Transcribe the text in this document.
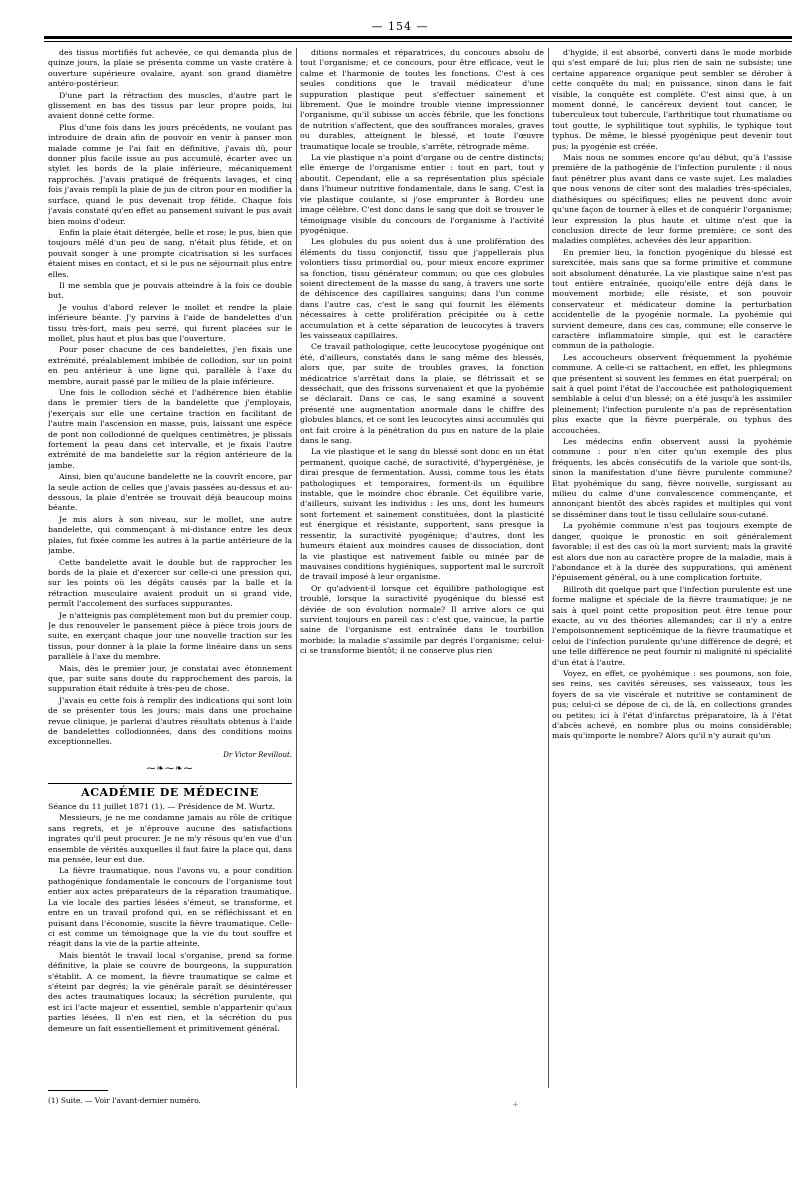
— 154 —

des tissus mortifiés fut achevée, ce qui demanda plus de quinze jours, la plaie se présenta comme un vaste cratère à ouverture supérieure ovalaire, ayant son grand diamètre antéro-postérieur.

D'une part la rétraction des muscles, d'autre part le glissement en bas des tissus par leur propre poids, lui avaient donné cette forme.

Plus d'une fois dans les jours précédents, ne voulant pas introduire de drain afin de pouvoir en venir à panser mon malade comme je l'ai fait en définitive, j'avais dû, pour donner plus facile issue au pus accumulé, écarter avec un stylet les bords de la plaie inférieure, mécaniquement rapprochés. J'avais pratiqué de fréquents lavages, et cinq fois j'avais rempli la plaie de jus de citron pour en modifier la surface, quand le pus devenait trop fétide. Chaque fois j'avais constaté qu'en effet au pansement suivant le pus avait bien moins d'odeur.

Enfin la plaie était détergée, belle et rose; le pus, bien que toujours mêlé d'un peu de sang, n'était plus fétide, et on pouvait songer à une prompte cicatrisation si les surfaces étaient mises en contact, et si le pus ne séjournait plus entre elles.

Il me sembla que je pouvais atteindre à la fois ce double but.

Je voulus d'abord relever le mollet et rendre la plaie inférieure béante. J'y parvins à l'aide de bandelettes d'un tissu très-fort, mais peu serré, qui furent placées sur le mollet, plus haut et plus bas que l'ouverture.

Pour poser chacune de ces bandelettes, j'en fixais une extrémité, préalablement imbibée de collodion, sur un point en peu antérieur à une ligne qui, parallèle à l'axe du membre, aurait passé par le milieu de la plaie inférieure.

Une fois le collodion séché et l'adhérence bien établie dans le premier tiers de la bandelette que j'employais, j'exerçais sur elle une certaine traction en facilitant de l'autre main l'ascension en masse, puis, laissant une espèce de pont non collodionné de quelques centimètres, je plissais fortement la peau dans cet intervalle, et je fixais l'autre extrémité de ma bandelette sur la région antérieure de la jambe.

Ainsi, bien qu'aucune bandelette ne la couvrît encore, par la seule action de celles que j'avais passées au-dessus et au-dessous, la plaie d'entrée se trouvait déjà beaucoup moins béante.

Je mis alors à son niveau, sur le mollet, une autre bandelette, qui commençant à mi-distance entre les deux plaies, fut fixée comme les autres à la partie antérieure de la jambe.

Cette bandelette avait le double but de rapprocher les bords de la plaie et d'exercer sur celle-ci une pression qui, sur les points où les dégâts causés par la balle et la rétraction musculaire avaient produit un si grand vide, permît l'accolement des surfaces suppurantes.

Je n'atteignis pas complétement mon but du premier coup. Je dus renouveler le pansement pièce à pièce trois jours de suite, en exerçant chaque jour une nouvelle traction sur les tissus, pour donner à la plaie la forme linéaire dans un sens parallèle à l'axe du membre.

Mais, dès le premier jour, je constatai avec étonnement que, par suite sans doute du rapprochement des parois, la suppuration était réduite à très-peu de chose.

J'avais eu cette fois à remplir des indications qui sont loin de se présenter tous les jours; mais dans une prochaine revue clinique, je parlerai d'autres résultats obtenus à l'aide de bandelettes collodionnées, dans des conditions moins exceptionnelles.

Dr Victor Revillout.
⁓❧⁓❧⁓
ACADÉMIE DE MÉDECINE

Séance du 11 juillet 1871 (1). — Présidence de M. Wurtz.

Messieurs, je ne me condamne jamais au rôle de critique sans regrets, et je n'éprouve aucune des satisfactions ingrates qu'il peut procurer. Je ne m'y résous qu'en vue d'un ensemble de vérités auxquelles il faut faire la place qui, dans ma pensée, leur est due.

La fièvre traumatique, nous l'avons vu, a pour condition pathogénique fondamentale le concours de l'organisme tout entier aux actes préparateurs de la réparation traumatique. La vie locale des parties lésées s'émeut, se transforme, et entre en un travail profond qui, en se réfléchissant et en puisant dans l'économie, suscite la fièvre traumatique. Celle-ci est comme un témoignage que la vie du tout souffre et réagit dans la vie de la partie atteinte.

Mais bientôt le travail local s'organise, prend sa forme définitive, la plaie se couvre de bourgeons, la suppuration s'établit. A ce moment, la fièvre traumatique se calme et s'éteint par degrés; la vie générale paraît se désintéresser des actes traumatiques locaux; la sécrétion purulente, qui est ici l'acte majeur et essentiel, semble n'appartenir qu'aux parties lésées. Il n'en est rien, et la sécrétion du pus demeure un fait essentiellement et primitivement général.

ditions normales et réparatrices, du concours absolu de tout l'organisme; et ce concours, pour être efficace, veut le calme et l'harmonie de toutes les fonctions. C'est à ces seules conditions que le travail médicateur d'une suppuration plastique peut s'effectuer sainement et librement. Que le moindre trouble vienne impressionner l'organisme, qu'il subisse un accès fébrile, que les fonctions de nutrition s'affectent, que des souffrances morales, graves ou durables, atteignent le blessé, et toute l'œuvre traumatique locale se trouble, s'arrête, rétrograde même.

La vie plastique n'a point d'organe ou de centre distincts; elle émerge de l'organisme entier : tout en part, tout y aboutit. Cependant, elle a sa représentation plus spéciale dans l'humeur nutritive fondamentale, dans le sang. C'est la vie plastique coulante, si j'ose emprunter à Bordeu une image célèbre. C'est donc dans le sang que doit se trouver le témoignage visible du concours de l'organisme à l'activité pyogénique.

Les globules du pus soient dus à une prolifération des éléments du tissu conjonctif, tissu que j'appellerais plus volontiers tissu primordial ou, pour mieux encore exprimer sa fonction, tissu générateur commun; ou que ces globules soient directement de la masse du sang, à travers une sorte de déhiscence des capillaires sanguins; dans l'un comme dans l'autre cas, c'est le sang qui fournit les éléments nécessaires à cette prolifération précipitée ou à cette accumulation et à cette séparation de leucocytes à travers les vaisseaux capillaires.

Ce travail pathologique, cette leucocytose pyogénique ont été, d'ailleurs, constatés dans le sang même des blessés, alors que, par suite de troubles graves, la fonction médicatrice s'arrêtait dans la plaie, se flétrissait et se desséchait, que des frissons survenaient et que la pyohémie se déclarait. Dans ce cas, le sang examiné a souvent présenté une augmentation anormale dans le chiffre des globules blancs, et ce sont les leucocytes ainsi accumulés qui ont fait croire à la pénétration du pus en nature de la plaie dans le sang.

La vie plastique et le sang du blessé sont donc en un état permanent, quoique caché, de suractivité, d'hypergénèse, je dirai presque de fermentation. Aussi, comme tous les états pathologiques et temporaires, forment-ils un équilibre instable, que le moindre choc ébranle. Cet équilibre varie, d'ailleurs, suivant les individus : les uns, dont les humeurs sont fortement et sainement constituées, dont la plasticité est énergique et résistante, supportent, sans presque la ressentir, la suractivité pyogénique; d'autres, dont les humeurs étaient aux moindres causes de dissociation, dont la vie plastique est nativement faible ou minée par de mauvaises conditions hygiéniques, supportent mal le surcroît de travail imposé à leur organisme.

Or qu'advient-il lorsque cet équilibre pathologique est troublé, lorsque la suractivité pyogénique du blessé est déviée de son évolution normale? Il arrive alors ce qui survient toujours en pareil cas : c'est que, vaincue, la partie saine de l'organisme est entraînée dans le tourbillon morbide; la maladie s'assimile par degrés l'organisme; celui-ci se transforme bientôt; il ne conserve plus rien

d'hygide, il est absorbé, converti dans le mode morbide qui s'est emparé de lui; plus rien de sain ne subsiste; une certaine apparence organique peut sembler se dérober à cette conquête du mal; en puissance, sinon dans le fait visible, la conquête est complète. C'est ainsi que, à un moment donné, le cancéreux devient tout cancer, le tuberculeux tout tubercule, l'arthritique tout rhumatisme ou tout goutte, le syphilitique tout syphilis, le typhique tout typhus. De même, le blessé pyogénique peut devenir tout pus; la pyogénie est créée.

Mais nous ne sommes encore qu'au début, qu'à l'assise première de la pathogénie de l'infection purulente : il nous faut pénétrer plus avant dans ce vaste sujet. Les maladies que nous venons de citer sont des maladies très-spéciales, diathésiques ou spécifiques; elles ne peuvent donc avoir qu'une façon de tourner à elles et de conquérir l'organisme; leur expression la plus haute et ultime n'est que la conclusion directe de leur forme première; ce sont des maladies complètes, achevées dès leur apparition.

En premier lieu, la fonction pyogénique du blessé est surexcitée, mais sans que sa forme primitive et commune soit absolument dénaturée. La vie plastique saine n'est pas tout entière entraînée, quoiqu'elle entre déjà dans le mouvement morbide; elle résiste, et son pouvoir conservateur et médicateur domine la perturbation accidentelle de la pyogénie normale. La pyohémie qui survient demeure, dans ces cas, commune; elle conserve le caractère inflammatoire simple, qui est le caractère commun de la pathologie.

Les accoucheurs observent fréquemment la pyohémie commune. A celle-ci se rattachent, en effet, les phlegmons que présentent si souvent les femmes en état puerpéral; on sait à quel point l'état de l'accouchée est pathologiquement semblable à celui d'un blessé; on a été jusqu'à les assimiler pleinement; l'infection purulente n'a pas de représentation plus exacte que la fièvre puerpérale, ou typhus des accouchées.

Les médecins enfin observent aussi la pyohémie commune : pour n'en citer qu'un exemple des plus fréquents, les abcès consécutifs de la variole que sont-ils, sinon la manifestation d'une fièvre purulente commune? Etat pyohémique du sang, fièvre nouvelle, surgissant au milieu du calme d'une convalescence commençante, et annonçant bientôt des abcès rapides et multiples qui vont se disséminer dans tout le tissu cellulaire sous-cutané.

La pyohémie commune n'est pas toujours exempte de danger, quoique le pronostic en soit généralement favorable; il est des cas où la mort survient; mais la gravité est alors due non au caractère propre de la maladie, mais à l'abondance et à la durée des suppurations, qui amènent l'épuisement général, ou à une complication fortuite.

Billroth dit quelque part que l'infection purulente est une forme maligne et spéciale de la fièvre traumatique; je ne sais à quel point cette proposition peut être tenue pour exacte, au vu des théories allemandes; car il n'y a entre l'empoisonnement septicémique de la fièvre traumatique et celui de l'infection purulente qu'une différence de degré; et une telle différence ne peut fournir ni malignité ni spécialité d'un état à l'autre.

Voyez, en effet, ce pyohémique : ses poumons, son foie, ses reins, ses cavités séreuses, ses vaisseaux, tous les foyers de sa vie viscérale et nutritive se contaminent de pus; celui-ci se dépose de ci, de là, en collections grandes ou petites; ici à l'état d'infarctus préparatoire, là à l'état d'abcès achevé, en nombre plus ou moins considérable; mais qu'importe le nombre? Alors qu'il n'y aurait qu'un

(1) Suite. — Voir l'avant-dernier numéro.	+
